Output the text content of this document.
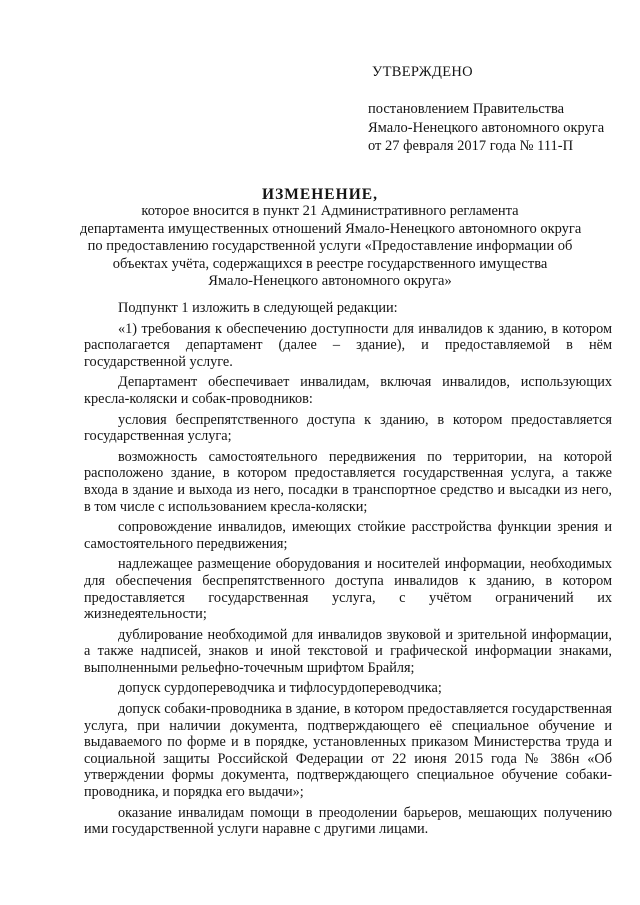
УТВЕРЖДЕНО
постановлением Правительства
Ямало-Ненецкого автономного округа
от 27 февраля 2017 года № 111-П
ИЗМЕНЕНИЕ,
которое вносится в пункт 21 Административного регламента
департамента имущественных отношений Ямало-Ненецкого автономного округа
по предоставлению государственной услуги «Предоставление информации об
объектах учёта, содержащихся в реестре государственного имущества
Ямало-Ненецкого автономного округа»

Подпункт 1 изложить в следующей редакции:

«1) требования к обеспечению доступности для инвалидов к зданию, в котором располагается департамент (далее – здание), и предоставляемой в нём государственной услуге.

Департамент обеспечивает инвалидам, включая инвалидов, использующих кресла-коляски и собак-проводников:

условия беспрепятственного доступа к зданию, в котором предоставляется государственная услуга;

возможность самостоятельного передвижения по территории, на которой расположено здание, в котором предоставляется государственная услуга, а также входа в здание и выхода из него, посадки в транспортное средство и высадки из него, в том числе с использованием кресла-коляски;

сопровождение инвалидов, имеющих стойкие расстройства функции зрения и самостоятельного передвижения;

надлежащее размещение оборудования и носителей информации, необходимых для обеспечения беспрепятственного доступа инвалидов к зданию, в котором предоставляется государственная услуга, с учётом ограничений их жизнедеятельности;

дублирование необходимой для инвалидов звуковой и зрительной информации, а также надписей, знаков и иной текстовой и графической информации знаками, выполненными рельефно-точечным шрифтом Брайля;

допуск сурдопереводчика и тифлосурдопереводчика;

допуск собаки-проводника в здание, в котором предоставляется государственная услуга, при наличии документа, подтверждающего её специальное обучение и выдаваемого по форме и в порядке, установленных приказом Министерства труда и социальной защиты Российской Федерации от 22 июня 2015 года № 386н «Об утверждении формы документа, подтверждающего специальное обучение собаки-проводника, и порядка его выдачи»;

оказание инвалидам помощи в преодолении барьеров, мешающих получению ими государственной услуги наравне с другими лицами.
